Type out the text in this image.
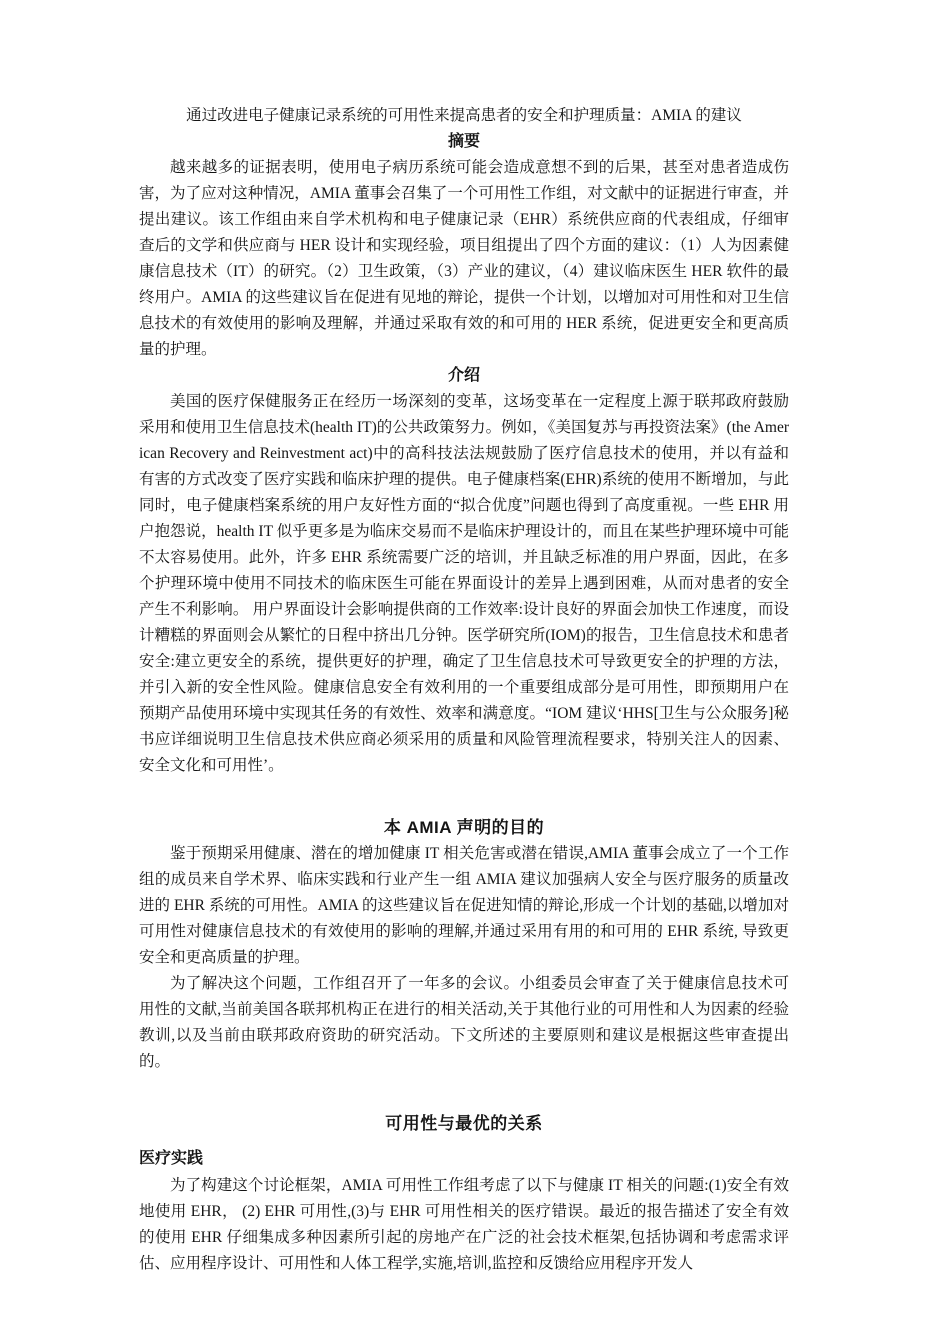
通过改进电子健康记录系统的可用性来提高患者的安全和护理质量：AMIA 的建议
摘要

越来越多的证据表明，使用电子病历系统可能会造成意想不到的后果，甚至对患者造成伤害，为了应对这种情况，AMIA 董事会召集了一个可用性工作组，对文献中的证据进行审查，并提出建议。该工作组由来自学术机构和电子健康记录（EHR）系统供应商的代表组成，仔细审查后的文学和供应商与 HER 设计和实现经验，项目组提出了四个方面的建议：（1）人为因素健康信息技术（IT）的研究。（2）卫生政策，（3）产业的建议，（4）建议临床医生 HER 软件的最终用户。AMIA 的这些建议旨在促进有见地的辩论，提供一个计划，以增加对可用性和对卫生信息技术的有效使用的影响及理解，并通过采取有效的和可用的 HER 系统，促进更安全和更高质量的护理。

介绍

美国的医疗保健服务正在经历一场深刻的变革，这场变革在一定程度上源于联邦政府鼓励采用和使用卫生信息技术(health IT)的公共政策努力。例如，《美国复苏与再投资法案》(the American Recovery and Reinvestment act)中的高科技法法规鼓励了医疗信息技术的使用，并以有益和有害的方式改变了医疗实践和临床护理的提供。电子健康档案(EHR)系统的使用不断增加，与此同时，电子健康档案系统的用户友好性方面的“拟合优度”问题也得到了高度重视。一些 EHR 用户抱怨说，health IT 似乎更多是为临床交易而不是临床护理设计的，而且在某些护理环境中可能不太容易使用。此外，许多 EHR 系统需要广泛的培训，并且缺乏标准的用户界面，因此，在多个护理环境中使用不同技术的临床医生可能在界面设计的差异上遇到困难，从而对患者的安全产生不利影响。 用户界面设计会影响提供商的工作效率:设计良好的界面会加快工作速度，而设计糟糕的界面则会从繁忙的日程中挤出几分钟。医学研究所(IOM)的报告，卫生信息技术和患者安全:建立更安全的系统，提供更好的护理，确定了卫生信息技术可导致更安全的护理的方法，并引入新的安全性风险。健康信息安全有效利用的一个重要组成部分是可用性，即预期用户在预期产品使用环境中实现其任务的有效性、效率和满意度。“IOM 建议‘HHS[卫生与公众服务]秘书应详细说明卫生信息技术供应商必须采用的质量和风险管理流程要求，特别关注人的因素、安全文化和可用性’。

本 AMIA 声明的目的

鉴于预期采用健康、潜在的增加健康 IT 相关危害或潜在错误,AMIA 董事会成立了一个工作组的成员来自学术界、临床实践和行业产生一组 AMIA 建议加强病人安全与医疗服务的质量改进的 EHR 系统的可用性。AMIA 的这些建议旨在促进知情的辩论,形成一个计划的基础,以增加对可用性对健康信息技术的有效使用的影响的理解,并通过采用有用的和可用的 EHR 系统, 导致更安全和更高质量的护理。

为了解决这个问题，工作组召开了一年多的会议。小组委员会审查了关于健康信息技术可用性的文献,当前美国各联邦机构正在进行的相关活动,关于其他行业的可用性和人为因素的经验教训,以及当前由联邦政府资助的研究活动。下文所述的主要原则和建议是根据这些审查提出的。

可用性与最优的关系
医疗实践

为了构建这个讨论框架，AMIA 可用性工作组考虑了以下与健康 IT 相关的问题:(1)安全有效地使用 EHR， (2) EHR 可用性,(3)与 EHR 可用性相关的医疗错误。最近的报告描述了安全有效的使用 EHR 仔细集成多种因素所引起的房地产在广泛的社会技术框架,包括协调和考虑需求评估、应用程序设计、可用性和人体工程学,实施,培训,监控和反馈给应用程序开发人
